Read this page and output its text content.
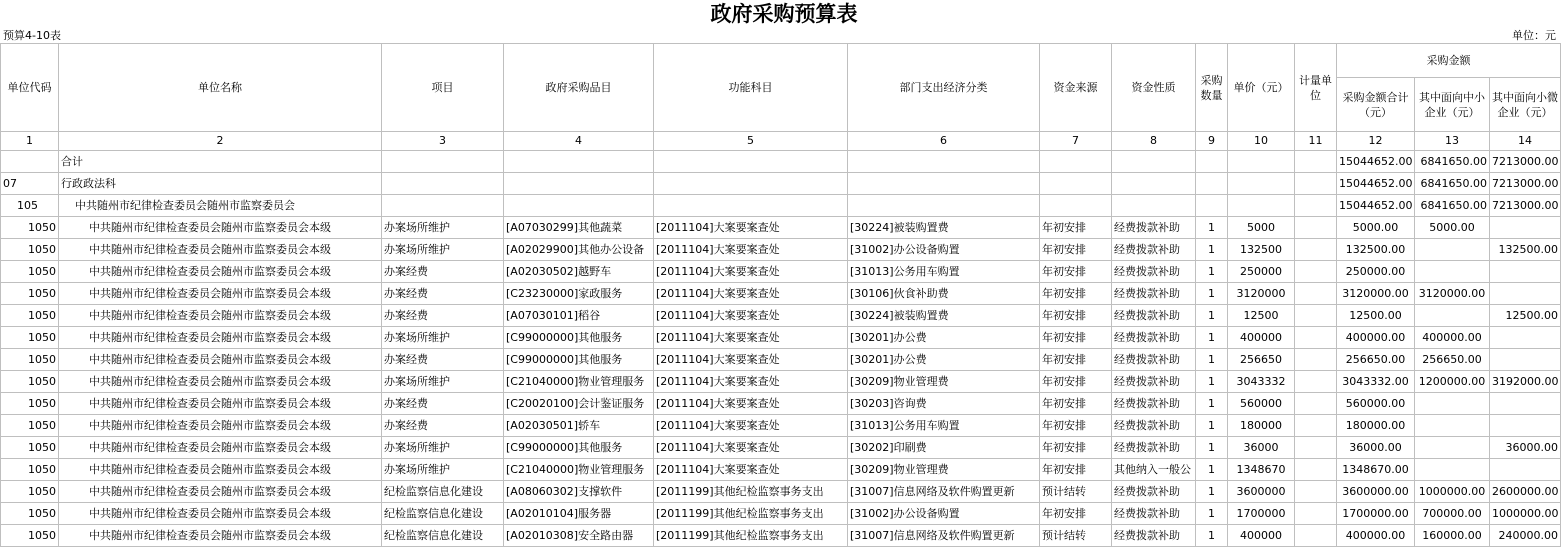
政府采购预算表
预算4-10表	单位：元
单位代码	单位名称	项目	政府采购品目	功能科目	部门支出经济分类	资金来源	资金性质	采购数量	单价（元）	计量单位	采购金额		
											采购金额合计（元）	其中面向中小企业（元）	其中面向小微企业（元）
1	2	3	4	5	6	7	8	9	10	11	12	13	14
	合计										15044652.00	6841650.00	7213000.00
07	行政政法科										15044652.00	6841650.00	7213000.00
105	中共随州市纪律检查委员会随州市监察委员会										15044652.00	6841650.00	7213000.00
1050	中共随州市纪律检查委员会随州市监察委员会本级	办案场所维护	[A07030299]其他蔬菜	[2011104]大案要案查处	[30224]被装购置费	年初安排	经费拨款补助	1	5000		5000.00	5000.00	
1050	中共随州市纪律检查委员会随州市监察委员会本级	办案场所维护	[A02029900]其他办公设备	[2011104]大案要案查处	[31002]办公设备购置	年初安排	经费拨款补助	1	132500		132500.00		132500.00
1050	中共随州市纪律检查委员会随州市监察委员会本级	办案经费	[A02030502]越野车	[2011104]大案要案查处	[31013]公务用车购置	年初安排	经费拨款补助	1	250000		250000.00		
1050	中共随州市纪律检查委员会随州市监察委员会本级	办案经费	[C23230000]家政服务	[2011104]大案要案查处	[30106]伙食补助费	年初安排	经费拨款补助	1	3120000		3120000.00	3120000.00	
1050	中共随州市纪律检查委员会随州市监察委员会本级	办案经费	[A07030101]稻谷	[2011104]大案要案查处	[30224]被装购置费	年初安排	经费拨款补助	1	12500		12500.00		12500.00
1050	中共随州市纪律检查委员会随州市监察委员会本级	办案场所维护	[C99000000]其他服务	[2011104]大案要案查处	[30201]办公费	年初安排	经费拨款补助	1	400000		400000.00	400000.00	
1050	中共随州市纪律检查委员会随州市监察委员会本级	办案经费	[C99000000]其他服务	[2011104]大案要案查处	[30201]办公费	年初安排	经费拨款补助	1	256650		256650.00	256650.00	
1050	中共随州市纪律检查委员会随州市监察委员会本级	办案场所维护	[C21040000]物业管理服务	[2011104]大案要案查处	[30209]物业管理费	年初安排	经费拨款补助	1	3043332		3043332.00	1200000.00	3192000.00
1050	中共随州市纪律检查委员会随州市监察委员会本级	办案经费	[C20020100]会计鉴证服务	[2011104]大案要案查处	[30203]咨询费	年初安排	经费拨款补助	1	560000		560000.00		
1050	中共随州市纪律检查委员会随州市监察委员会本级	办案经费	[A02030501]轿车	[2011104]大案要案查处	[31013]公务用车购置	年初安排	经费拨款补助	1	180000		180000.00		
1050	中共随州市纪律检查委员会随州市监察委员会本级	办案场所维护	[C99000000]其他服务	[2011104]大案要案查处	[30202]印刷费	年初安排	经费拨款补助	1	36000		36000.00		36000.00
1050	中共随州市纪律检查委员会随州市监察委员会本级	办案场所维护	[C21040000]物业管理服务	[2011104]大案要案查处	[30209]物业管理费	年初安排	其他纳入一般公	1	1348670		1348670.00		
1050	中共随州市纪律检查委员会随州市监察委员会本级	纪检监察信息化建设	[A08060302]支撑软件	[2011199]其他纪检监察事务支出	[31007]信息网络及软件购置更新	预计结转	经费拨款补助	1	3600000		3600000.00	1000000.00	2600000.00
1050	中共随州市纪律检查委员会随州市监察委员会本级	纪检监察信息化建设	[A02010104]服务器	[2011199]其他纪检监察事务支出	[31002]办公设备购置	年初安排	经费拨款补助	1	1700000		1700000.00	700000.00	1000000.00
1050	中共随州市纪律检查委员会随州市监察委员会本级	纪检监察信息化建设	[A02010308]安全路由器	[2011199]其他纪检监察事务支出	[31007]信息网络及软件购置更新	预计结转	经费拨款补助	1	400000		400000.00	160000.00	240000.00
